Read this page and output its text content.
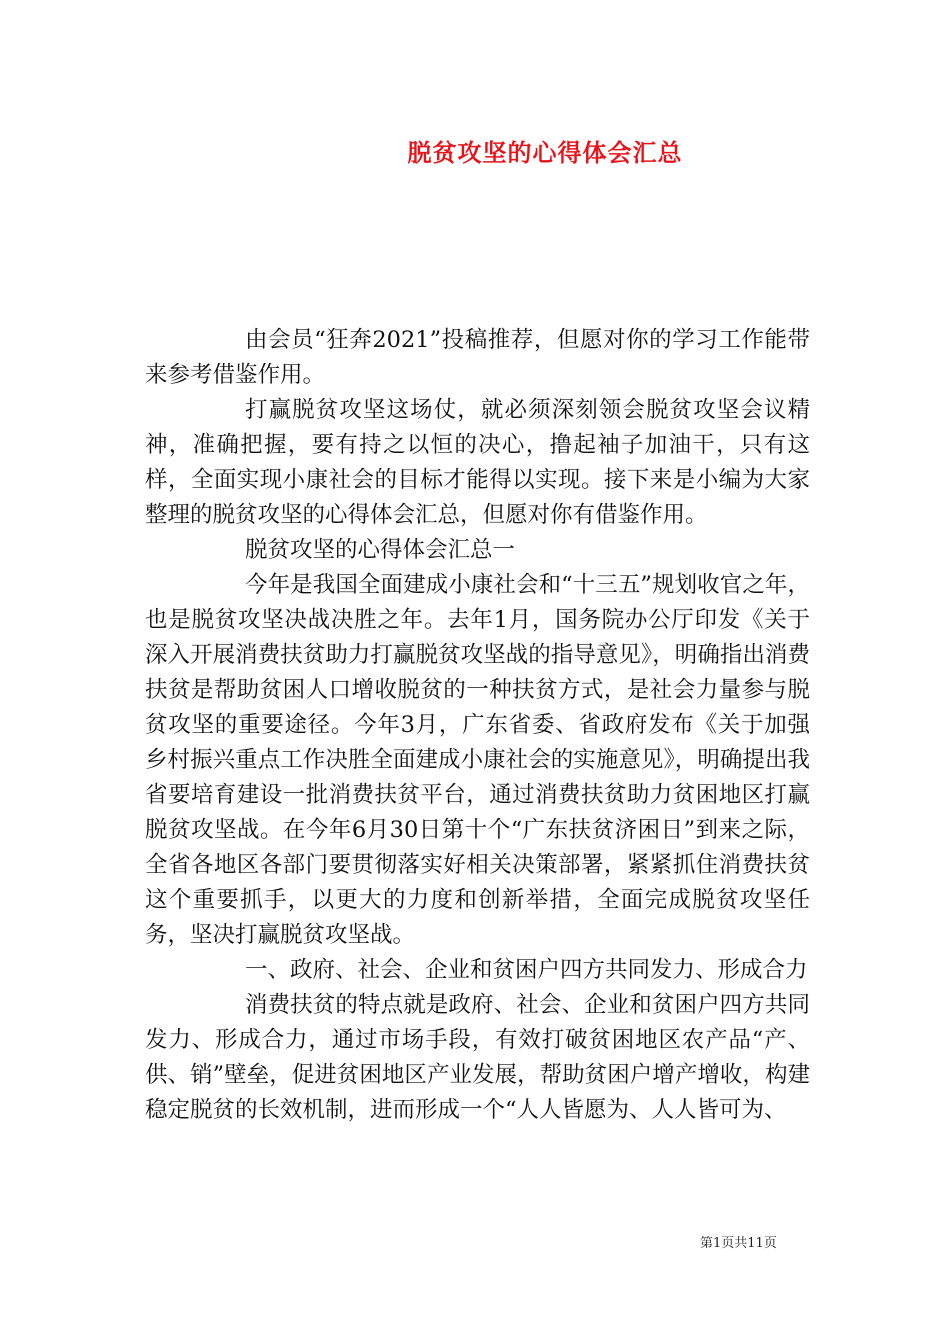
脱贫攻坚的心得体会汇总

由会员“狂奔2021”投稿推荐，但愿对你的学习工作能带来参考借鉴作用。

打赢脱贫攻坚这场仗，就必须深刻领会脱贫攻坚会议精神，准确把握，要有持之以恒的决心，撸起袖子加油干，只有这样，全面实现小康社会的目标才能得以实现。接下来是小编为大家整理的脱贫攻坚的心得体会汇总，但愿对你有借鉴作用。

脱贫攻坚的心得体会汇总一

今年是我国全面建成小康社会和“十三五”规划收官之年，也是脱贫攻坚决战决胜之年。去年1月，国务院办公厅印发《关于深入开展消费扶贫助力打赢脱贫攻坚战的指导意见》，明确指出消费扶贫是帮助贫困人口增收脱贫的一种扶贫方式，是社会力量参与脱贫攻坚的重要途径。今年3月，广东省委、省政府发布《关于加强乡村振兴重点工作决胜全面建成小康社会的实施意见》，明确提出我省要培育建设一批消费扶贫平台，通过消费扶贫助力贫困地区打赢脱贫攻坚战。在今年6月30日第十个“广东扶贫济困日”到来之际，全省各地区各部门要贯彻落实好相关决策部署，紧紧抓住消费扶贫这个重要抓手，以更大的力度和创新举措，全面完成脱贫攻坚任务，坚决打赢脱贫攻坚战。

一、政府、社会、企业和贫困户四方共同发力、形成合力

消费扶贫的特点就是政府、社会、企业和贫困户四方共同发力、形成合力，通过市场手段，有效打破贫困地区农产品“产、供、销”壁垒，促进贫困地区产业发展，帮助贫困户增产增收，构建稳定脱贫的长效机制，进而形成一个“人人皆愿为、人人皆可为、

第1页共11页
